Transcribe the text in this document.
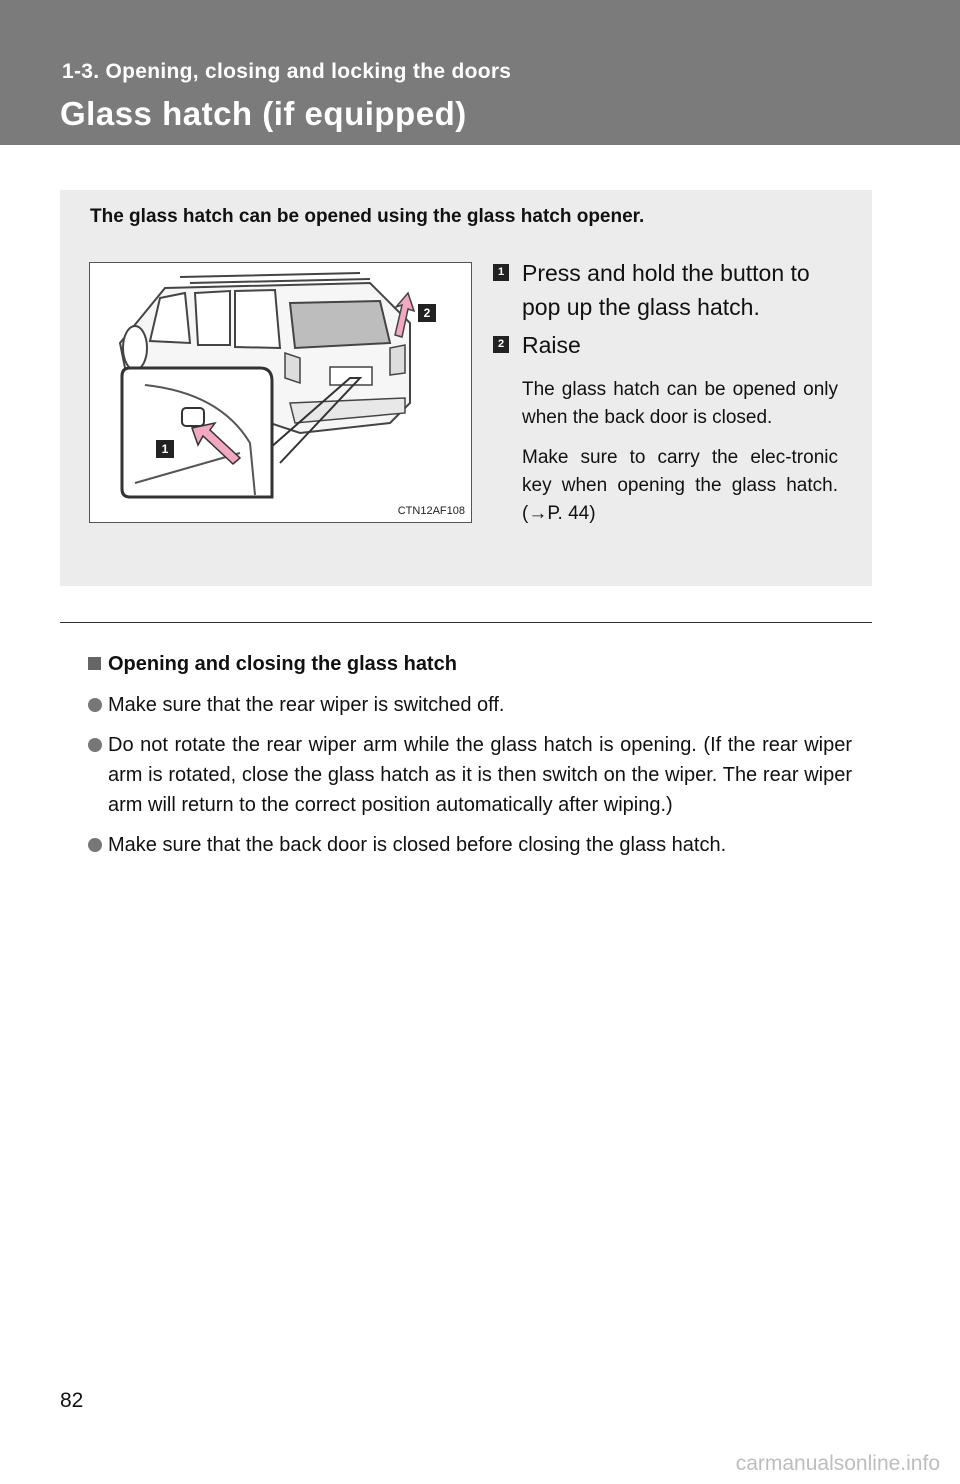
1-3. Opening, closing and locking the doors
Glass hatch (if equipped)

The glass hatch can be opened using the glass hatch opener.

1
2
CTN12AF108
1 Press and hold the button to pop up the glass hatch.
2 Raise

The glass hatch can be opened only when the back door is closed.

Make sure to carry the elec-tronic key when opening the glass hatch. (→P. 44)

Opening and closing the glass hatch

Make sure that the rear wiper is switched off.
Do not rotate the rear wiper arm while the glass hatch is opening. (If the rear wiper arm is rotated, close the glass hatch as it is then switch on the wiper. The rear wiper arm will return to the correct position automatically after wiping.)
Make sure that the back door is closed before closing the glass hatch.
82
carmanualsonline.info
